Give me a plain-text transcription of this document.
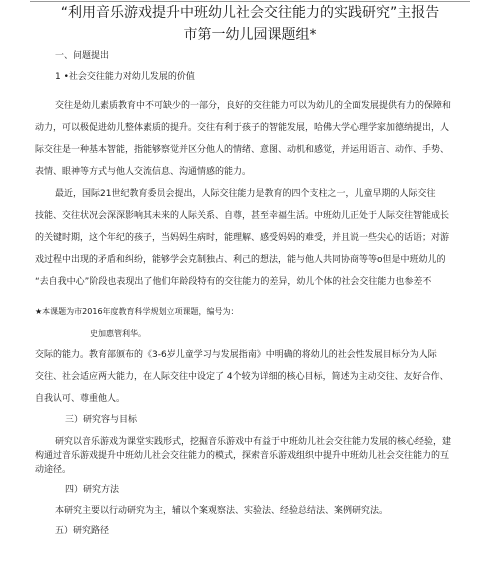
“利用音乐游戏提升中班幼儿社会交往能力的实践研究”主报告
市第一幼儿园课题组*
一、问题提出
1 •社会交往能力对幼儿发展的价值
交往是幼儿素质教育中不可缺少的一部分，良好的交往能力可以为幼儿的全面发展提供有力的保障和
动力，可以极促进幼儿整体素质的提升。交往有利于孩子的智能发展，哈佛大学心理学家加德纳提出，人
际交往是一种基本智能，指能够察觉并区分他人的情绪、意图、动机和感觉，并运用语言、动作、手势、
表情、眼神等方式与他人交流信息、沟通情感的能力。
最近，国际21世纪教育委员会提出，人际交往能力是教育的四个支柱之一，儿童早期的人际交往
技能、交往状况会深深影响其未来的人际关系、自尊，甚至幸福生活。中班幼儿正处于人际交往智能成长
的关键时期，这个年纪的孩子，当妈妈生病时，能理解、感受妈妈的难受，并且说一些尖心的话语；对游
戏过程中出现的矛盾和纠纷，能够学会克制独占、利己的想法，能与他人共同协商等等o但是中班幼儿的
“去自我中心”阶段也表现出了他们年龄段特有的交往能力的差异，幼儿个体的社会交往能力也参差不
★本课题为市2016年度教育科学规划立项课题，编号为：
史加惠管利华。
交际的能力。教育部颁布的《3-6岁儿童学习与发展指南》中明确的将幼儿的社会性发展目标分为人际
交往、社会适应两大能力，在人际交往中设定了 4个较为详细的核心目标，简述为主动交往、友好合作、
自我认可、尊重他人。
三）研究容与目标
研究以音乐游戏为课堂实践形式，挖掘音乐游戏中有益于中班幼儿社会交往能力发展的核心经验，建
构通过音乐游戏提升中班幼儿社会交往能力的模式，探索音乐游戏组织中提升中班幼儿社会交往能力的互
动途径。
四）研究方法
本研究主要以行动研究为主，辅以个案观察法、实验法、经验总结法、案例研究法。
五）研究路径
